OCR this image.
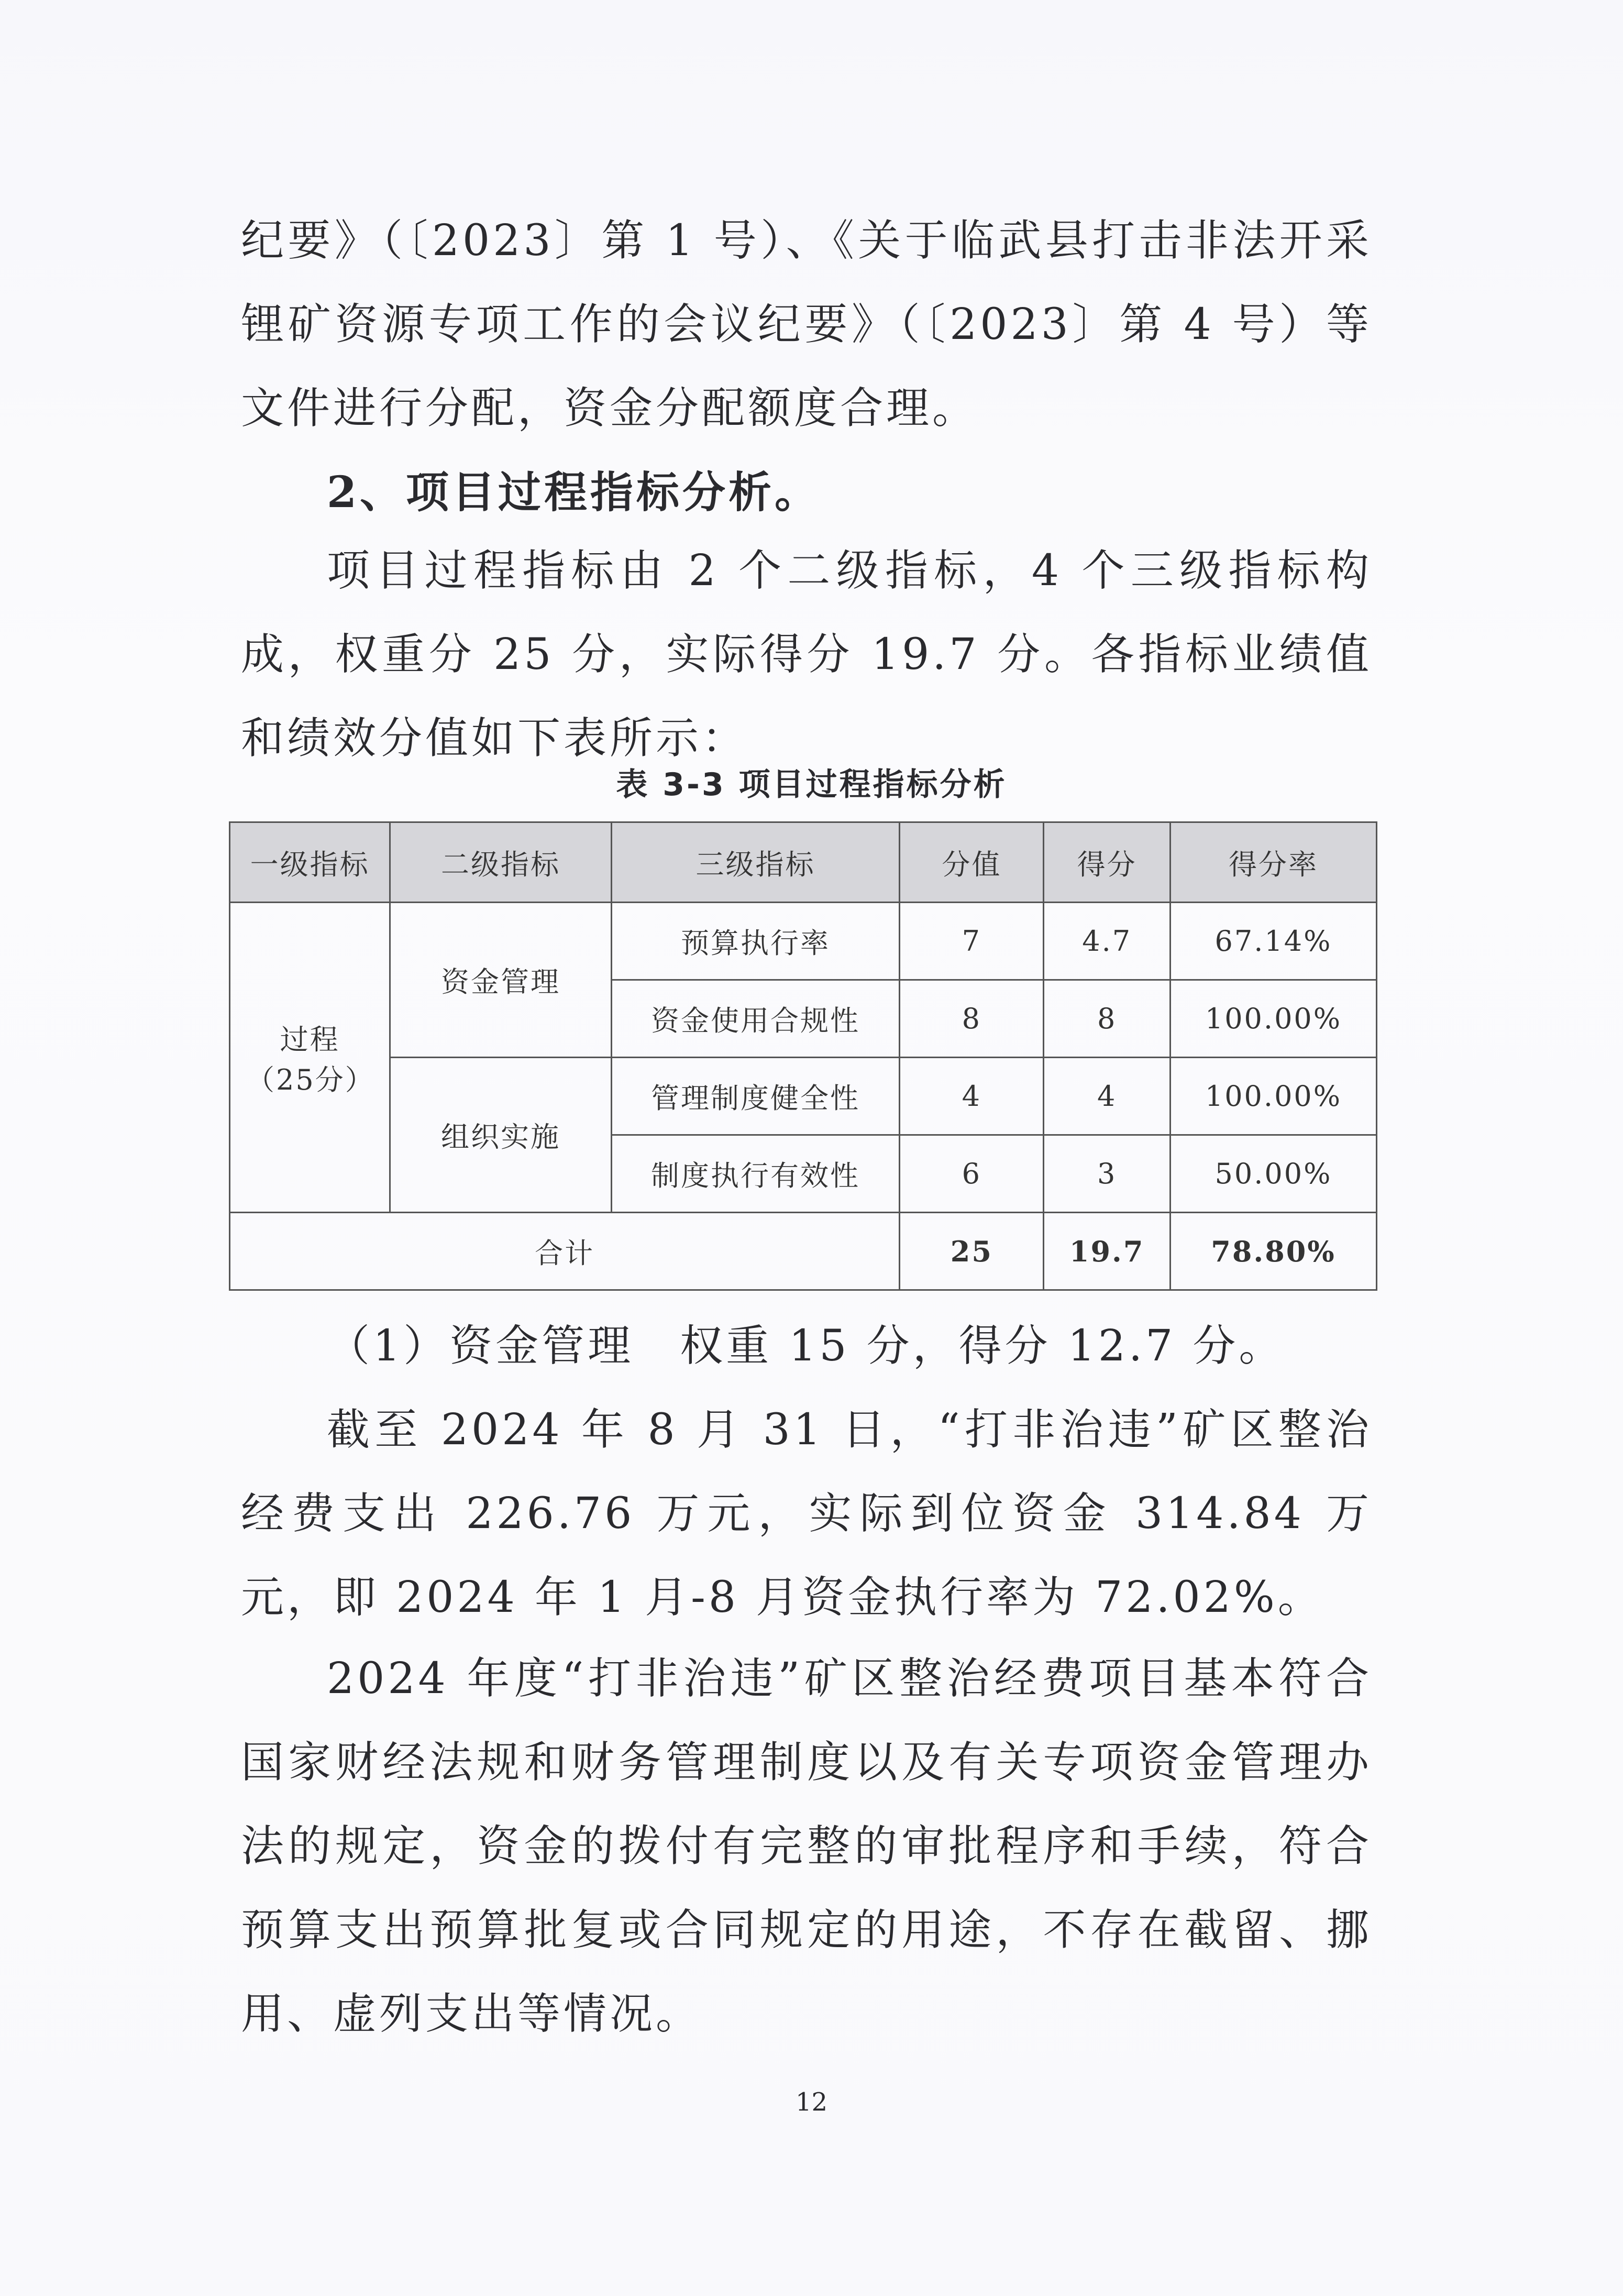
纪要》（〔2023〕第 1 号）、《关于临武县打击非法开采锂矿资源专项工作的会议纪要》（〔2023〕第 4 号）等文件进行分配，资金分配额度合理。

2、项目过程指标分析。

项目过程指标由 2 个二级指标，4 个三级指标构成，权重分 25 分，实际得分 19.7 分。各指标业绩值和绩效分值如下表所示：

表 3-3 项目过程指标分析
一级指标	二级指标	三级指标	分值	得分	得分率
过程（25分）	资金管理	预算执行率	7	4.7	67.14%
		资金使用合规性	8	8	100.00%
	组织实施	管理制度健全性	4	4	100.00%
		制度执行有效性	6	3	50.00%
合计			25	19.7	78.80%

（1）资金管理　权重 15 分，得分 12.7 分。

截至 2024 年 8 月 31 日，“打非治违”矿区整治经费支出 226.76 万元，实际到位资金 314.84 万元，即 2024 年 1 月-8 月资金执行率为 72.02%。

2024 年度“打非治违”矿区整治经费项目基本符合国家财经法规和财务管理制度以及有关专项资金管理办法的规定，资金的拨付有完整的审批程序和手续，符合预算支出预算批复或合同规定的用途，不存在截留、挪用、虚列支出等情况。

12
